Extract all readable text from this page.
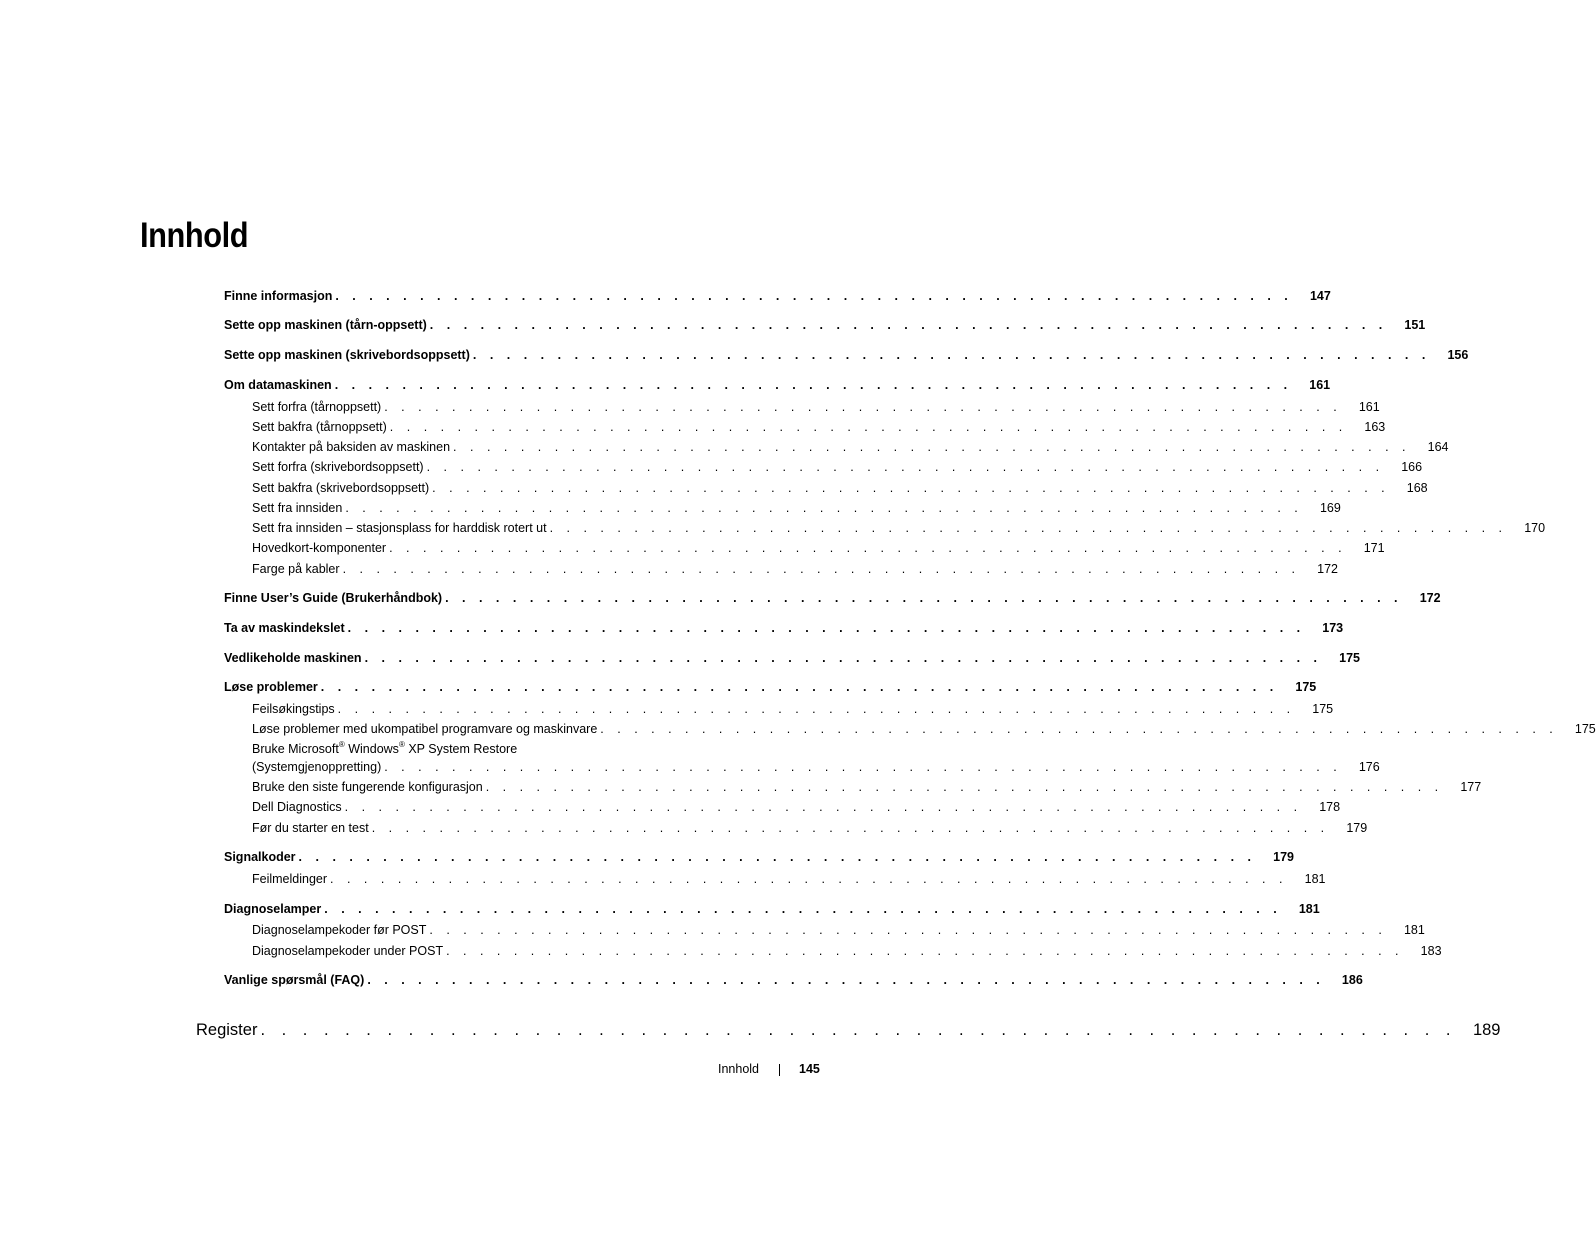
Innhold
Finne informasjon . . . . . . . . . . . . . . . . . . . . . . . . . . . . . . . . . . . . . . . . . . . . . . . . . . . . . . . . .	147
Sette opp maskinen (tårn-oppsett) . . . . . . . . . . . . . . . . . . . . . . . . . . . . . . . . . . . . . . . . . . . . . . . . . . . . . . . . .	151
Sette opp maskinen (skrivebordsoppsett) . . . . . . . . . . . . . . . . . . . . . . . . . . . . . . . . . . . . . . . . . . . . . . . . . . . . . . . . .	156
Om datamaskinen . . . . . . . . . . . . . . . . . . . . . . . . . . . . . . . . . . . . . . . . . . . . . . . . . . . . . . . . .	161
Sett forfra (tårnoppsett) . . . . . . . . . . . . . . . . . . . . . . . . . . . . . . . . . . . . . . . . . . . . . . . . . . . . . . . . .	161
Sett bakfra (tårnoppsett) . . . . . . . . . . . . . . . . . . . . . . . . . . . . . . . . . . . . . . . . . . . . . . . . . . . . . . . . .	163
Kontakter på baksiden av maskinen . . . . . . . . . . . . . . . . . . . . . . . . . . . . . . . . . . . . . . . . . . . . . . . . . . . . . . . . .	164
Sett forfra (skrivebordsoppsett) . . . . . . . . . . . . . . . . . . . . . . . . . . . . . . . . . . . . . . . . . . . . . . . . . . . . . . . . .	166
Sett bakfra (skrivebordsoppsett) . . . . . . . . . . . . . . . . . . . . . . . . . . . . . . . . . . . . . . . . . . . . . . . . . . . . . . . . .	168
Sett fra innsiden . . . . . . . . . . . . . . . . . . . . . . . . . . . . . . . . . . . . . . . . . . . . . . . . . . . . . . . . .	169
Sett fra innsiden – stasjonsplass for harddisk rotert ut . . . . . . . . . . . . . . . . . . . . . . . . . . . . . . . . . . . . . . . . . . . . . . . . . . . . . . . . .	170
Hovedkort-komponenter . . . . . . . . . . . . . . . . . . . . . . . . . . . . . . . . . . . . . . . . . . . . . . . . . . . . . . . . .	171
Farge på kabler . . . . . . . . . . . . . . . . . . . . . . . . . . . . . . . . . . . . . . . . . . . . . . . . . . . . . . . . .	172
Finne User’s Guide (Brukerhåndbok) . . . . . . . . . . . . . . . . . . . . . . . . . . . . . . . . . . . . . . . . . . . . . . . . . . . . . . . . .	172
Ta av maskindekslet . . . . . . . . . . . . . . . . . . . . . . . . . . . . . . . . . . . . . . . . . . . . . . . . . . . . . . . . .	173
Vedlikeholde maskinen . . . . . . . . . . . . . . . . . . . . . . . . . . . . . . . . . . . . . . . . . . . . . . . . . . . . . . . . .	175
Løse problemer . . . . . . . . . . . . . . . . . . . . . . . . . . . . . . . . . . . . . . . . . . . . . . . . . . . . . . . . .	175
Feilsøkingstips . . . . . . . . . . . . . . . . . . . . . . . . . . . . . . . . . . . . . . . . . . . . . . . . . . . . . . . . .	175
Løse problemer med ukompatibel programvare og maskinvare . . . . . . . . . . . . . . . . . . . . . . . . . . . . . . . . . . . . . . . . . . . . . . . . . . . . . . . . .	175
Bruke Microsoft® Windows® XP System Restore
(Systemgjenoppretting) . . . . . . . . . . . . . . . . . . . . . . . . . . . . . . . . . . . . . . . . . . . . . . . . . . . . . . . . .	176
Bruke den siste fungerende konfigurasjon . . . . . . . . . . . . . . . . . . . . . . . . . . . . . . . . . . . . . . . . . . . . . . . . . . . . . . . . .	177
Dell Diagnostics . . . . . . . . . . . . . . . . . . . . . . . . . . . . . . . . . . . . . . . . . . . . . . . . . . . . . . . . .	178
Før du starter en test . . . . . . . . . . . . . . . . . . . . . . . . . . . . . . . . . . . . . . . . . . . . . . . . . . . . . . . . .	179
Signalkoder . . . . . . . . . . . . . . . . . . . . . . . . . . . . . . . . . . . . . . . . . . . . . . . . . . . . . . . . .	179
Feilmeldinger . . . . . . . . . . . . . . . . . . . . . . . . . . . . . . . . . . . . . . . . . . . . . . . . . . . . . . . . .	181
Diagnoselamper . . . . . . . . . . . . . . . . . . . . . . . . . . . . . . . . . . . . . . . . . . . . . . . . . . . . . . . . .	181
Diagnoselampekoder før POST . . . . . . . . . . . . . . . . . . . . . . . . . . . . . . . . . . . . . . . . . . . . . . . . . . . . . . . . .	181
Diagnoselampekoder under POST . . . . . . . . . . . . . . . . . . . . . . . . . . . . . . . . . . . . . . . . . . . . . . . . . . . . . . . . .	183
Vanlige spørsmål (FAQ) . . . . . . . . . . . . . . . . . . . . . . . . . . . . . . . . . . . . . . . . . . . . . . . . . . . . . . . . .	186
Register . . . . . . . . . . . . . . . . . . . . . . . . . . . . . . . . . . . . . . . . . . . . . . . . . . . . . . . . . 189
Innhold	145
